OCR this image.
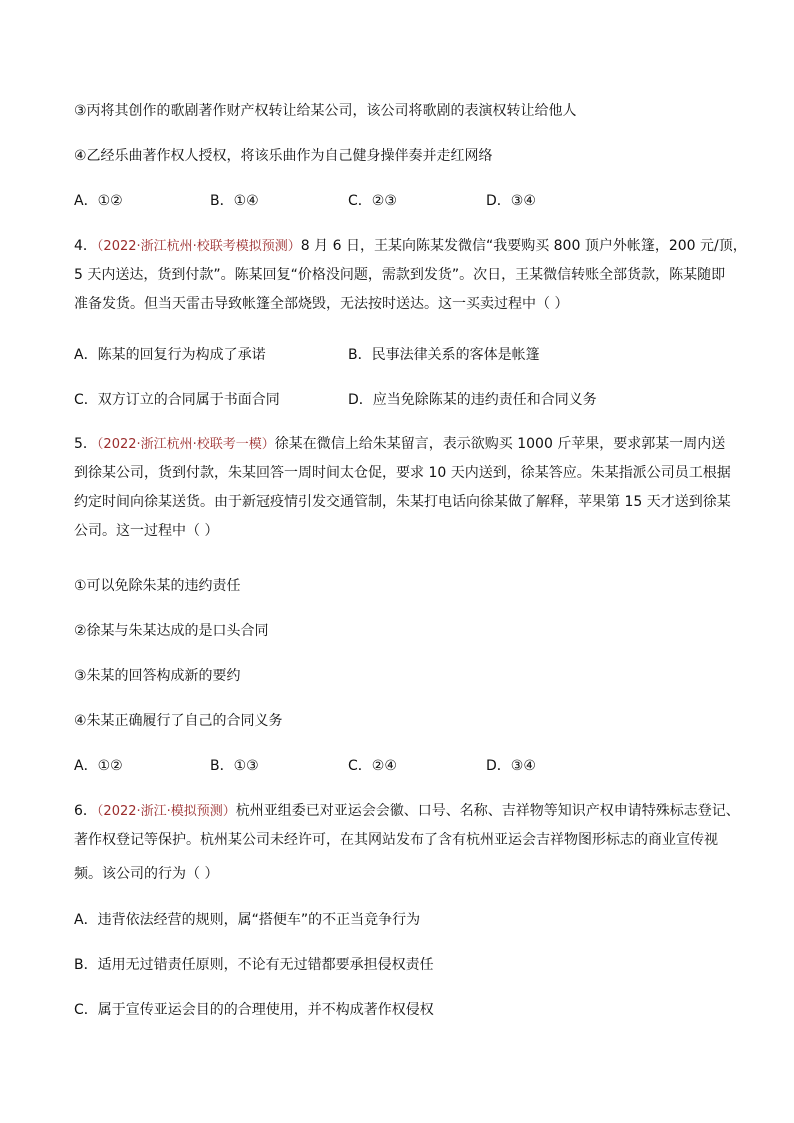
③丙将其创作的歌剧著作财产权转让给某公司，该公司将歌剧的表演权转让给他人
④乙经乐曲著作权人授权，将该乐曲作为自己健身操伴奏并走红网络
A．①②	B．①④	C．②③	D．③④
4．（2022·浙江杭州·校联考模拟预测）8 月 6 日，王某向陈某发微信“我要购买 800 顶户外帐篷，200 元/顶，
5 天内送达，货到付款”。陈某回复“价格没问题，需款到发货”。次日，王某微信转账全部货款，陈某随即
准备发货。但当天雷击导致帐篷全部烧毁，无法按时送达。这一买卖过程中（ ）
A．陈某的回复行为构成了承诺	B．民事法律关系的客体是帐篷
C．双方订立的合同属于书面合同	D．应当免除陈某的违约责任和合同义务
5．（2022·浙江杭州·校联考一模）徐某在微信上给朱某留言，表示欲购买 1000 斤苹果，要求郭某一周内送
到徐某公司，货到付款，朱某回答一周时间太仓促，要求 10 天内送到，徐某答应。朱某指派公司员工根据
约定时间向徐某送货。由于新冠疫情引发交通管制，朱某打电话向徐某做了解释，苹果第 15 天才送到徐某
公司。这一过程中（ ）
①可以免除朱某的违约责任
②徐某与朱某达成的是口头合同
③朱某的回答构成新的要约
④朱某正确履行了自己的合同义务
A．①②	B．①③	C．②④	D．③④
6．（2022·浙江·模拟预测）杭州亚组委已对亚运会会徽、口号、名称、吉祥物等知识产权申请特殊标志登记、
著作权登记等保护。杭州某公司未经许可，在其网站发布了含有杭州亚运会吉祥物图形标志的商业宣传视
频。该公司的行为（ ）
A．违背依法经营的规则，属“搭便车”的不正当竞争行为
B．适用无过错责任原则，不论有无过错都要承担侵权责任
C．属于宣传亚运会目的的合理使用，并不构成著作权侵权
